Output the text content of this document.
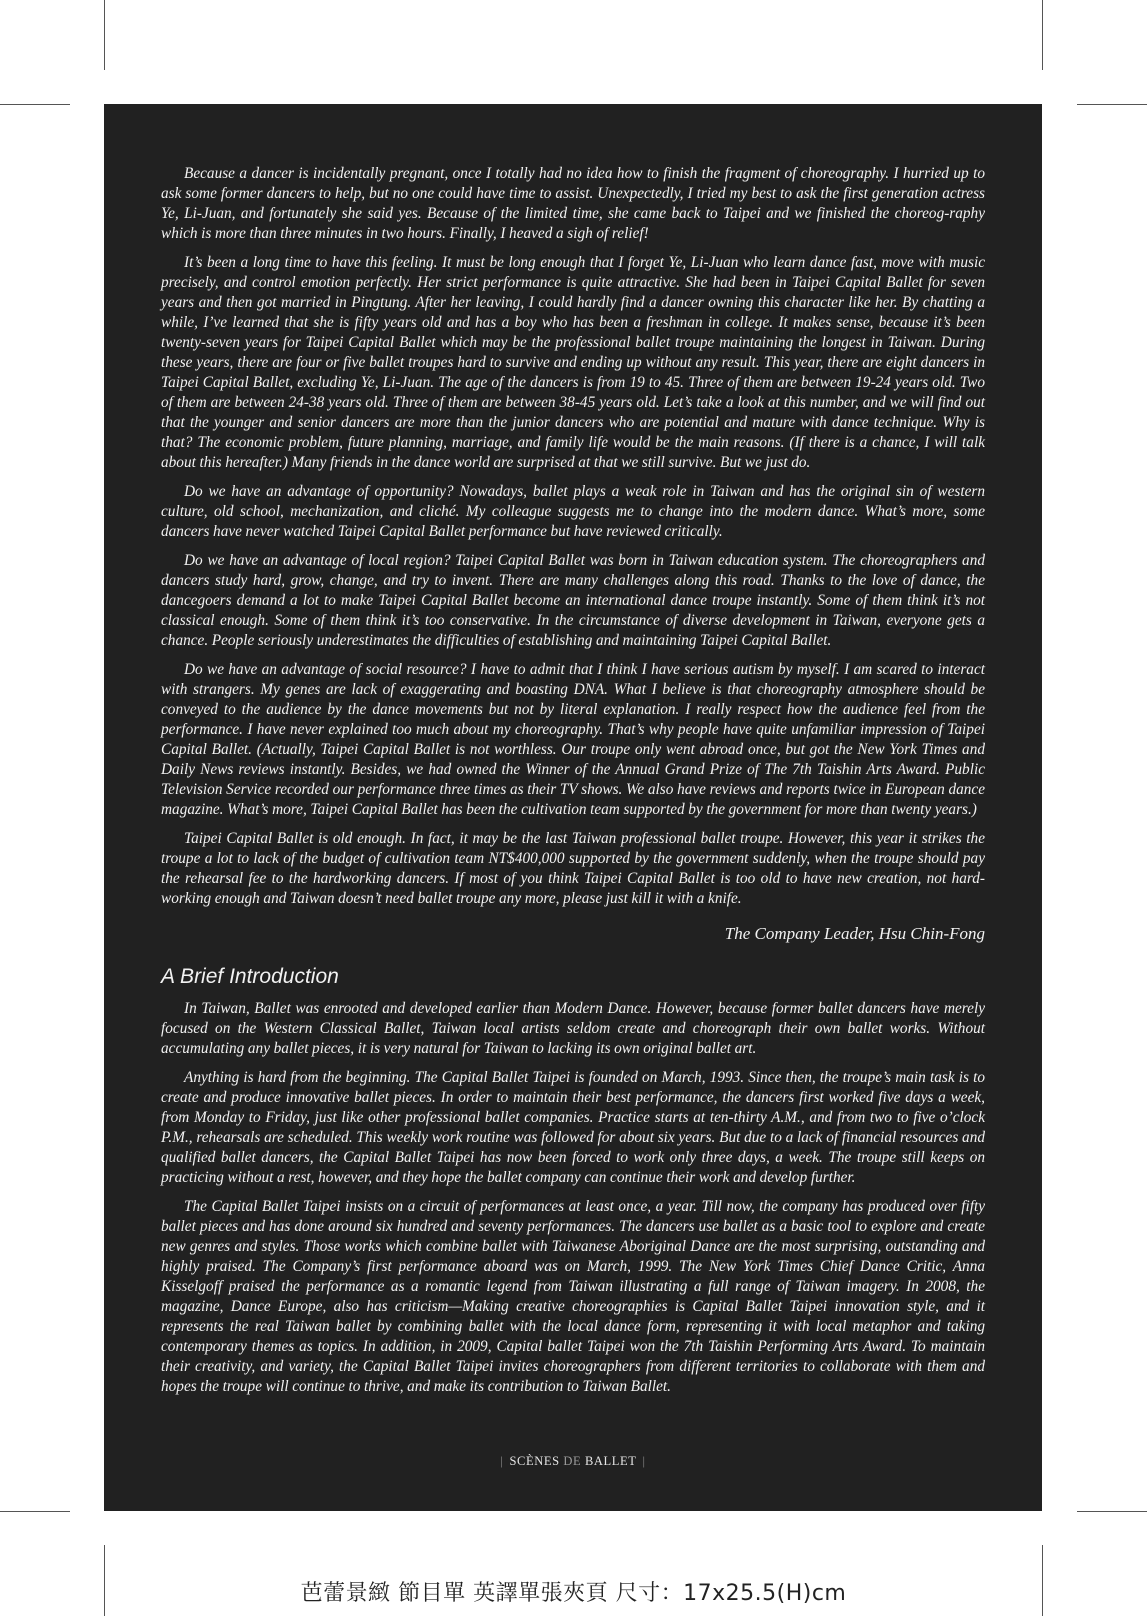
Because a dancer is incidentally pregnant, once I totally had no idea how to finish the fragment of choreography. I hurried up to ask some former dancers to help, but no one could have time to assist. Unexpectedly, I tried my best to ask the first generation actress Ye, Li-Juan, and fortunately she said yes. Because of the limited time, she came back to Taipei and we finished the choreog-raphy which is more than three minutes in two hours. Finally, I heaved a sigh of relief!

It’s been a long time to have this feeling. It must be long enough that I forget Ye, Li-Juan who learn dance fast, move with music precisely, and control emotion perfectly. Her strict performance is quite attractive. She had been in Taipei Capital Ballet for seven years and then got married in Pingtung. After her leaving, I could hardly find a dancer owning this character like her. By chatting a while, I’ve learned that she is fifty years old and has a boy who has been a freshman in college. It makes sense, because it’s been twenty-seven years for Taipei Capital Ballet which may be the professional ballet troupe maintaining the longest in Taiwan. During these years, there are four or five ballet troupes hard to survive and ending up without any result. This year, there are eight dancers in Taipei Capital Ballet, excluding Ye, Li-Juan. The age of the dancers is from 19 to 45. Three of them are between 19-24 years old. Two of them are between 24-38 years old. Three of them are between 38-45 years old. Let’s take a look at this number, and we will find out that the younger and senior dancers are more than the junior dancers who are potential and mature with dance technique. Why is that? The economic problem, future planning, marriage, and family life would be the main reasons. (If there is a chance, I will talk about this hereafter.) Many friends in the dance world are surprised at that we still survive. But we just do.

Do we have an advantage of opportunity? Nowadays, ballet plays a weak role in Taiwan and has the original sin of western culture, old school, mechanization, and cliché. My colleague suggests me to change into the modern dance. What’s more, some dancers have never watched Taipei Capital Ballet performance but have reviewed critically.

Do we have an advantage of local region? Taipei Capital Ballet was born in Taiwan education system. The choreographers and dancers study hard, grow, change, and try to invent. There are many challenges along this road. Thanks to the love of dance, the dancegoers demand a lot to make Taipei Capital Ballet become an international dance troupe instantly. Some of them think it’s not classical enough. Some of them think it’s too conservative. In the circumstance of diverse development in Taiwan, everyone gets a chance. People seriously underestimates the difficulties of establishing and maintaining Taipei Capital Ballet.

Do we have an advantage of social resource? I have to admit that I think I have serious autism by myself. I am scared to interact with strangers. My genes are lack of exaggerating and boasting DNA. What I believe is that choreography atmosphere should be conveyed to the audience by the dance movements but not by literal explanation. I really respect how the audience feel from the performance. I have never explained too much about my choreography. That’s why people have quite unfamiliar impression of Taipei Capital Ballet. (Actually, Taipei Capital Ballet is not worthless. Our troupe only went abroad once, but got the New York Times and Daily News reviews instantly. Besides, we had owned the Winner of the Annual Grand Prize of The 7th Taishin Arts Award. Public Television Service recorded our performance three times as their TV shows. We also have reviews and reports twice in European dance magazine. What’s more, Taipei Capital Ballet has been the cultivation team supported by the government for more than twenty years.)

Taipei Capital Ballet is old enough. In fact, it may be the last Taiwan professional ballet troupe. However, this year it strikes the troupe a lot to lack of the budget of cultivation team NT$400,000 supported by the government suddenly, when the troupe should pay the rehearsal fee to the hardworking dancers. If most of you think Taipei Capital Ballet is too old to have new creation, not hard-working enough and Taiwan doesn’t need ballet troupe any more, please just kill it with a knife.

The Company Leader, Hsu Chin-Fong
A Brief Introduction

In Taiwan, Ballet was enrooted and developed earlier than Modern Dance. However, because former ballet dancers have merely focused on the Western Classical Ballet, Taiwan local artists seldom create and choreograph their own ballet works. Without accumulating any ballet pieces, it is very natural for Taiwan to lacking its own original ballet art.

Anything is hard from the beginning. The Capital Ballet Taipei is founded on March, 1993. Since then, the troupe’s main task is to create and produce innovative ballet pieces. In order to maintain their best performance, the dancers first worked five days a week, from Monday to Friday, just like other professional ballet companies. Practice starts at ten-thirty A.M., and from two to five o’clock P.M., rehearsals are scheduled. This weekly work routine was followed for about six years. But due to a lack of financial resources and qualified ballet dancers, the Capital Ballet Taipei has now been forced to work only three days, a week. The troupe still keeps on practicing without a rest, however, and they hope the ballet company can continue their work and develop further.

The Capital Ballet Taipei insists on a circuit of performances at least once, a year. Till now, the company has produced over fifty ballet pieces and has done around six hundred and seventy performances. The dancers use ballet as a basic tool to explore and create new genres and styles. Those works which combine ballet with Taiwanese Aboriginal Dance are the most surprising, outstanding and highly praised. The Company’s first performance aboard was on March, 1999. The New York Times Chief Dance Critic, Anna Kisselgoff praised the performance as a romantic legend from Taiwan illustrating a full range of Taiwan imagery. In 2008, the magazine, Dance Europe, also has criticism—Making creative choreographies is Capital Ballet Taipei innovation style, and it represents the real Taiwan ballet by combining ballet with the local dance form, representing it with local metaphor and taking contemporary themes as topics. In addition, in 2009, Capital ballet Taipei won the 7th Taishin Performing Arts Award. To maintain their creativity, and variety, the Capital Ballet Taipei invites choreographers from different territories to collaborate with them and hopes the troupe will continue to thrive, and make its contribution to Taiwan Ballet.

| SCÈNES DE BALLET |
芭蕾景緻 節目單 英譯單張夾頁 尺寸：17x25.5(H)cm
